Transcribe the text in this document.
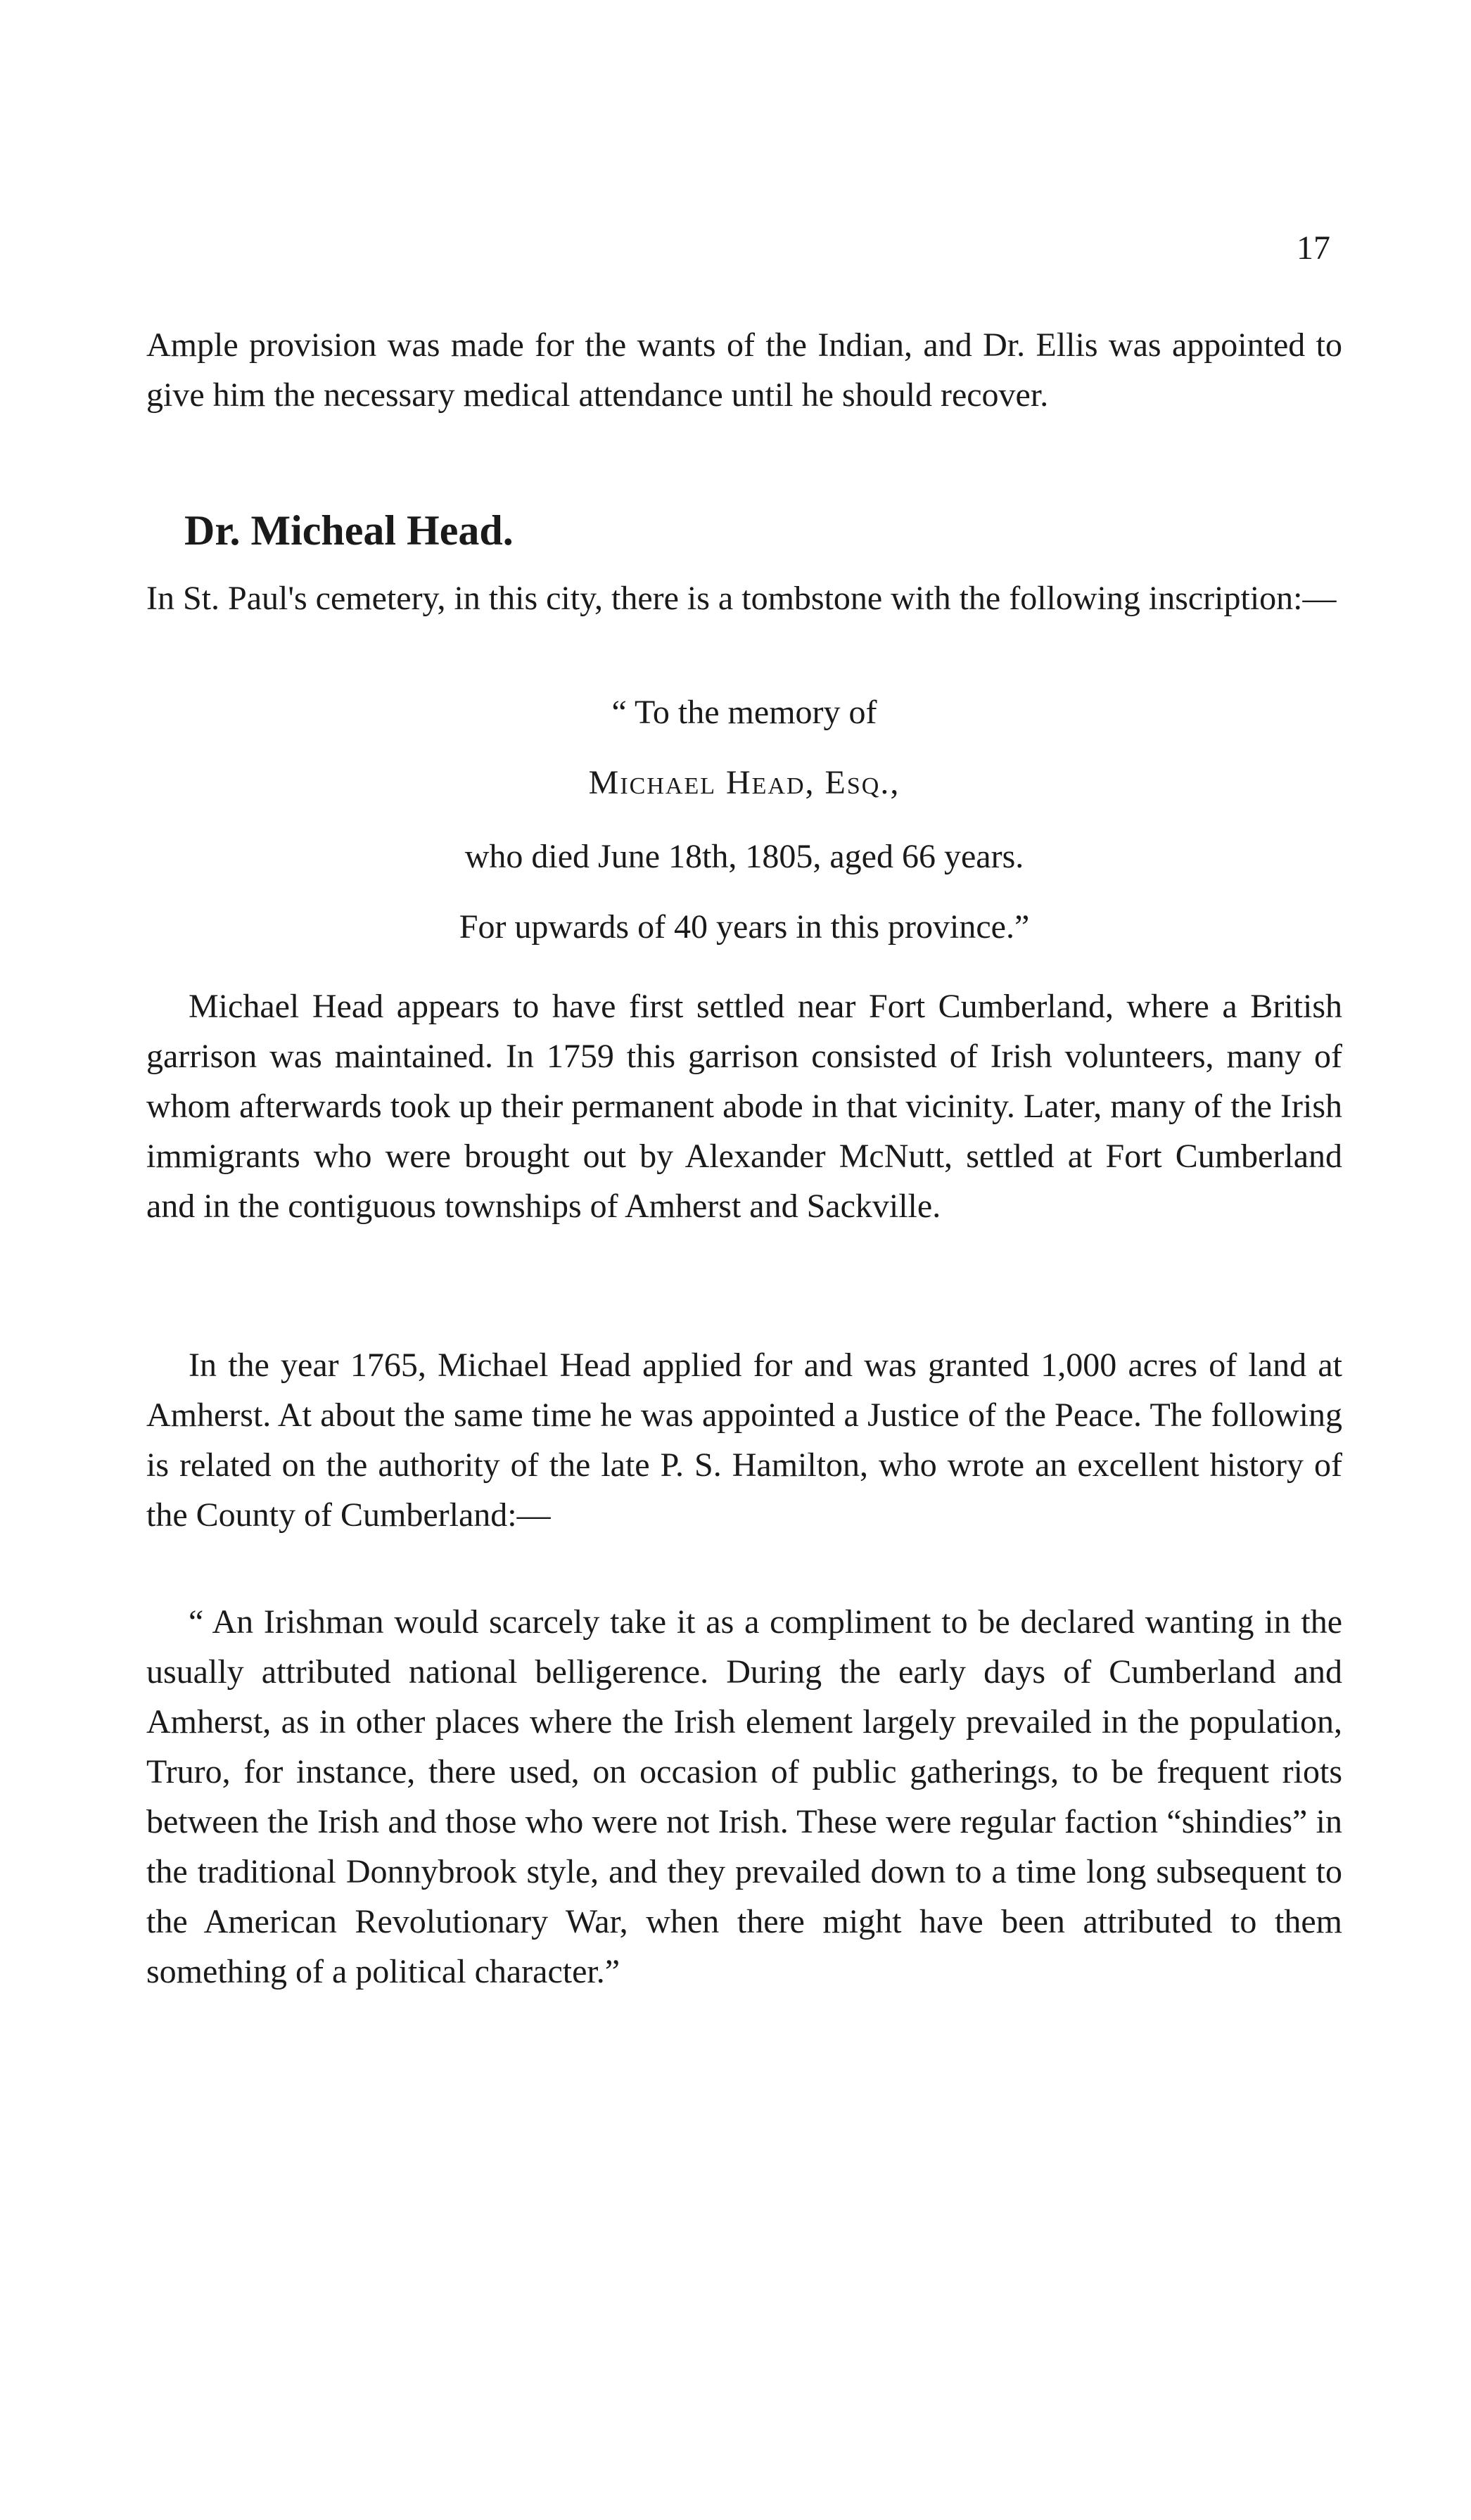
17

Ample provision was made for the wants of the Indian, and Dr. Ellis was appointed to give him the necessary medical attendance until he should recover.

Dr. Micheal Head.

In St. Paul's cemetery, in this city, there is a tombstone with the following inscription:—

“ To the memory of
Michael Head, Esq.,
who died June 18th, 1805, aged 66 years.
For upwards of 40 years in this province.”

Michael Head appears to have first settled near Fort Cumberland, where a British garrison was maintained. In 1759 this garrison consisted of Irish volunteers, many of whom afterwards took up their permanent abode in that vicinity. Later, many of the Irish immigrants who were brought out by Alexander McNutt, settled at Fort Cumberland and in the contiguous townships of Amherst and Sackville.

In the year 1765, Michael Head applied for and was granted 1,000 acres of land at Amherst. At about the same time he was appointed a Justice of the Peace. The following is related on the authority of the late P. S. Hamilton, who wrote an excellent history of the County of Cumberland:—

“ An Irishman would scarcely take it as a compliment to be declared wanting in the usually attributed national belligerence. During the early days of Cumberland and Amherst, as in other places where the Irish element largely prevailed in the population, Truro, for instance, there used, on occasion of public gatherings, to be frequent riots between the Irish and those who were not Irish. These were regular faction “shindies” in the traditional Donnybrook style, and they prevailed down to a time long subsequent to the American Revolutionary War, when there might have been attributed to them something of a political character.”
